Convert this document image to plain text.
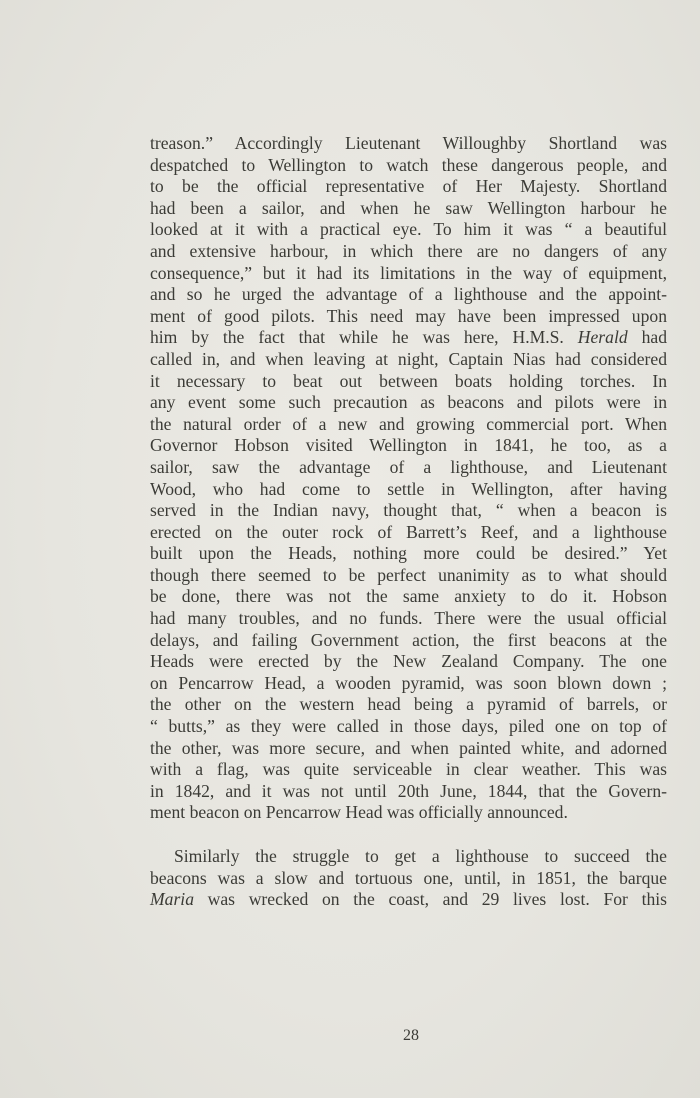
treason.” Accordingly Lieutenant Willoughby Shortland was
despatched to Wellington to watch these dangerous people, and
to be the official representative of Her Majesty. Shortland
had been a sailor, and when he saw Wellington harbour he
looked at it with a practical eye. To him it was “ a beautiful
and extensive harbour, in which there are no dangers of any
consequence,” but it had its limitations in the way of equipment,
and so he urged the advantage of a lighthouse and the appoint-
ment of good pilots. This need may have been impressed upon
him by the fact that while he was here, H.M.S. Herald had
called in, and when leaving at night, Captain Nias had considered
it necessary to beat out between boats holding torches. In
any event some such precaution as beacons and pilots were in
the natural order of a new and growing commercial port. When
Governor Hobson visited Wellington in 1841, he too, as a
sailor, saw the advantage of a lighthouse, and Lieutenant
Wood, who had come to settle in Wellington, after having
served in the Indian navy, thought that, “ when a beacon is
erected on the outer rock of Barrett’s Reef, and a lighthouse
built upon the Heads, nothing more could be desired.” Yet
though there seemed to be perfect unanimity as to what should
be done, there was not the same anxiety to do it. Hobson
had many troubles, and no funds. There were the usual official
delays, and failing Government action, the first beacons at the
Heads were erected by the New Zealand Company. The one
on Pencarrow Head, a wooden pyramid, was soon blown down ;
the other on the western head being a pyramid of barrels, or
“ butts,” as they were called in those days, piled one on top of
the other, was more secure, and when painted white, and adorned
with a flag, was quite serviceable in clear weather. This was
in 1842, and it was not until 20th June, 1844, that the Govern-
ment beacon on Pencarrow Head was officially announced.
Similarly the struggle to get a lighthouse to succeed the
beacons was a slow and tortuous one, until, in 1851, the barque
Maria was wrecked on the coast, and 29 lives lost. For this
28
